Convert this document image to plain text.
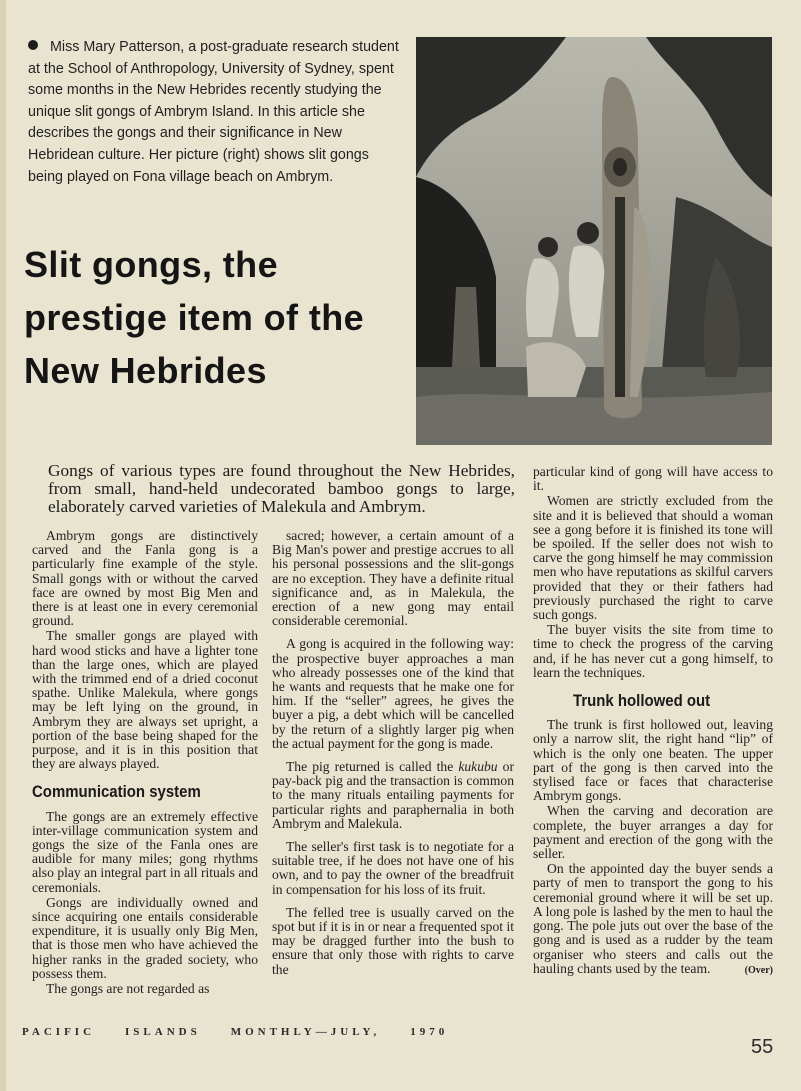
Miss Mary Patterson, a post-graduate research student at the School of Anthropology, University of Sydney, spent some months in the New Hebrides recently studying the unique slit gongs of Ambrym Island. In this article she describes the gongs and their significance in New Hebridean culture. Her picture (right) shows slit gongs being played on Fona village beach on Ambrym.
Slit gongs, the prestige item of the New Hebrides
Gongs of various types are found throughout the New Hebrides, from small, hand-held undecorated bamboo gongs to large, elaborately carved varieties of Malekula and Ambrym.

Ambrym gongs are distinctively carved and the Fanla gong is a particularly fine example of the style. Small gongs with or without the carved face are owned by most Big Men and there is at least one in every ceremonial ground.

The smaller gongs are played with hard wood sticks and have a lighter tone than the large ones, which are played with the trimmed end of a dried coconut spathe. Unlike Malekula, where gongs may be left lying on the ground, in Ambrym they are always set upright, a portion of the base being shaped for the purpose, and it is in this position that they are always played.

Communication system

The gongs are an extremely effective inter-village communication system and gongs the size of the Fanla ones are audible for many miles; gong rhythms also play an integral part in all rituals and ceremonials.

Gongs are individually owned and since acquiring one entails considerable expenditure, it is usually only Big Men, that is those men who have achieved the higher ranks in the graded society, who possess them.

The gongs are not regarded as

sacred; however, a certain amount of a Big Man's power and prestige accrues to all his personal possessions and the slit-gongs are no exception. They have a definite ritual significance and, as in Malekula, the erection of a new gong may entail considerable ceremonial.

A gong is acquired in the following way: the prospective buyer approaches a man who already possesses one of the kind that he wants and requests that he make one for him. If the “seller” agrees, he gives the buyer a pig, a debt which will be cancelled by the return of a slightly larger pig when the actual payment for the gong is made.

The pig returned is called the kukubu or pay-back pig and the transaction is common to the many rituals entailing payments for particular rights and paraphernalia in both Ambrym and Malekula.

The seller's first task is to negotiate for a suitable tree, if he does not have one of his own, and to pay the owner of the breadfruit in compensation for his loss of its fruit.

The felled tree is usually carved on the spot but if it is in or near a frequented spot it may be dragged further into the bush to ensure that only those with rights to carve the

particular kind of gong will have access to it.

Women are strictly excluded from the site and it is believed that should a woman see a gong before it is finished its tone will be spoiled. If the seller does not wish to carve the gong himself he may commission men who have reputations as skilful carvers provided that they or their fathers had previously purchased the right to carve such gongs.

The buyer visits the site from time to time to check the progress of the carving and, if he has never cut a gong himself, to learn the techniques.

Trunk hollowed out

The trunk is first hollowed out, leaving only a narrow slit, the right hand “lip” of which is the only one beaten. The upper part of the gong is then carved into the stylised face or faces that characterise Ambrym gongs.

When the carving and decoration are complete, the buyer arranges a day for payment and erection of the gong with the seller.

On the appointed day the buyer sends a party of men to transport the gong to his ceremonial ground where it will be set up. A long pole is lashed by the men to haul the gong. The pole juts out over the base of the gong and is used as a rudder by the team organiser who steers and calls out the hauling chants used by the team.	(Over)

PACIFIC	ISLANDS	MONTHLY—JULY,	1970
55
